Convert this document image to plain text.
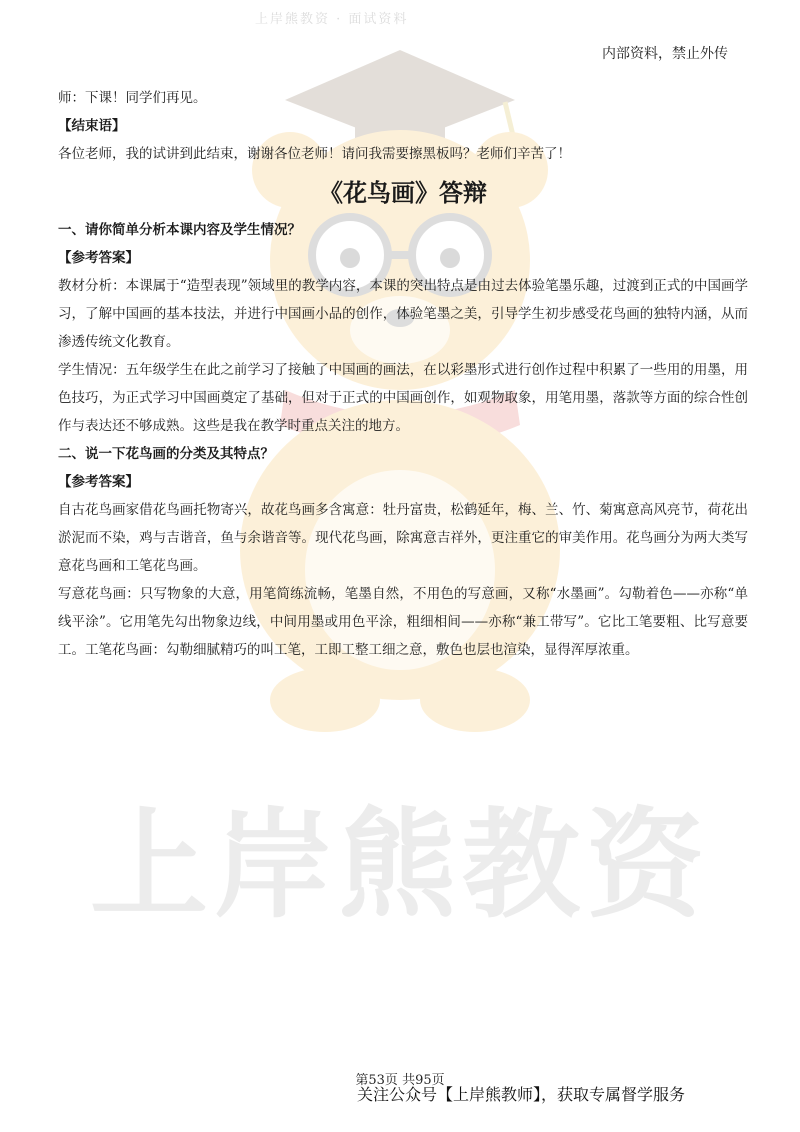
上岸熊教资 · 面试资料
内部资料，禁止外传
上岸熊教资

师：下课！同学们再见。

【结束语】

各位老师，我的试讲到此结束，谢谢各位老师！请问我需要擦黑板吗？老师们辛苦了！

《花鸟画》答辩

一、请你简单分析本课内容及学生情况？

【参考答案】

教材分析：本课属于“造型表现”领域里的教学内容，本课的突出特点是由过去体验笔墨乐趣，过渡到正式的中国画学习，了解中国画的基本技法，并进行中国画小品的创作，体验笔墨之美，引导学生初步感受花鸟画的独特内涵，从而渗透传统文化教育。

学生情况：五年级学生在此之前学习了接触了中国画的画法，在以彩墨形式进行创作过程中积累了一些用的用墨，用色技巧，为正式学习中国画奠定了基础，但对于正式的中国画创作，如观物取象，用笔用墨，落款等方面的综合性创作与表达还不够成熟。这些是我在教学时重点关注的地方。

二、说一下花鸟画的分类及其特点？

【参考答案】

自古花鸟画家借花鸟画托物寄兴，故花鸟画多含寓意：牡丹富贵，松鹤延年，梅、兰、竹、菊寓意高风亮节，荷花出淤泥而不染，鸡与吉谐音，鱼与余谐音等。现代花鸟画，除寓意吉祥外，更注重它的审美作用。花鸟画分为两大类写意花鸟画和工笔花鸟画。

写意花鸟画：只写物象的大意，用笔简练流畅，笔墨自然，不用色的写意画，又称“水墨画”。勾勒着色——亦称“单线平涂”。它用笔先勾出物象边线，中间用墨或用色平涂，粗细相间——亦称“兼工带写”。它比工笔要粗、比写意要工。工笔花鸟画：勾勒细腻精巧的叫工笔，工即工整工细之意，敷色也层也渲染，显得浑厚浓重。

第53页 共95页
关注公众号【上岸熊教师】，获取专属督学服务
